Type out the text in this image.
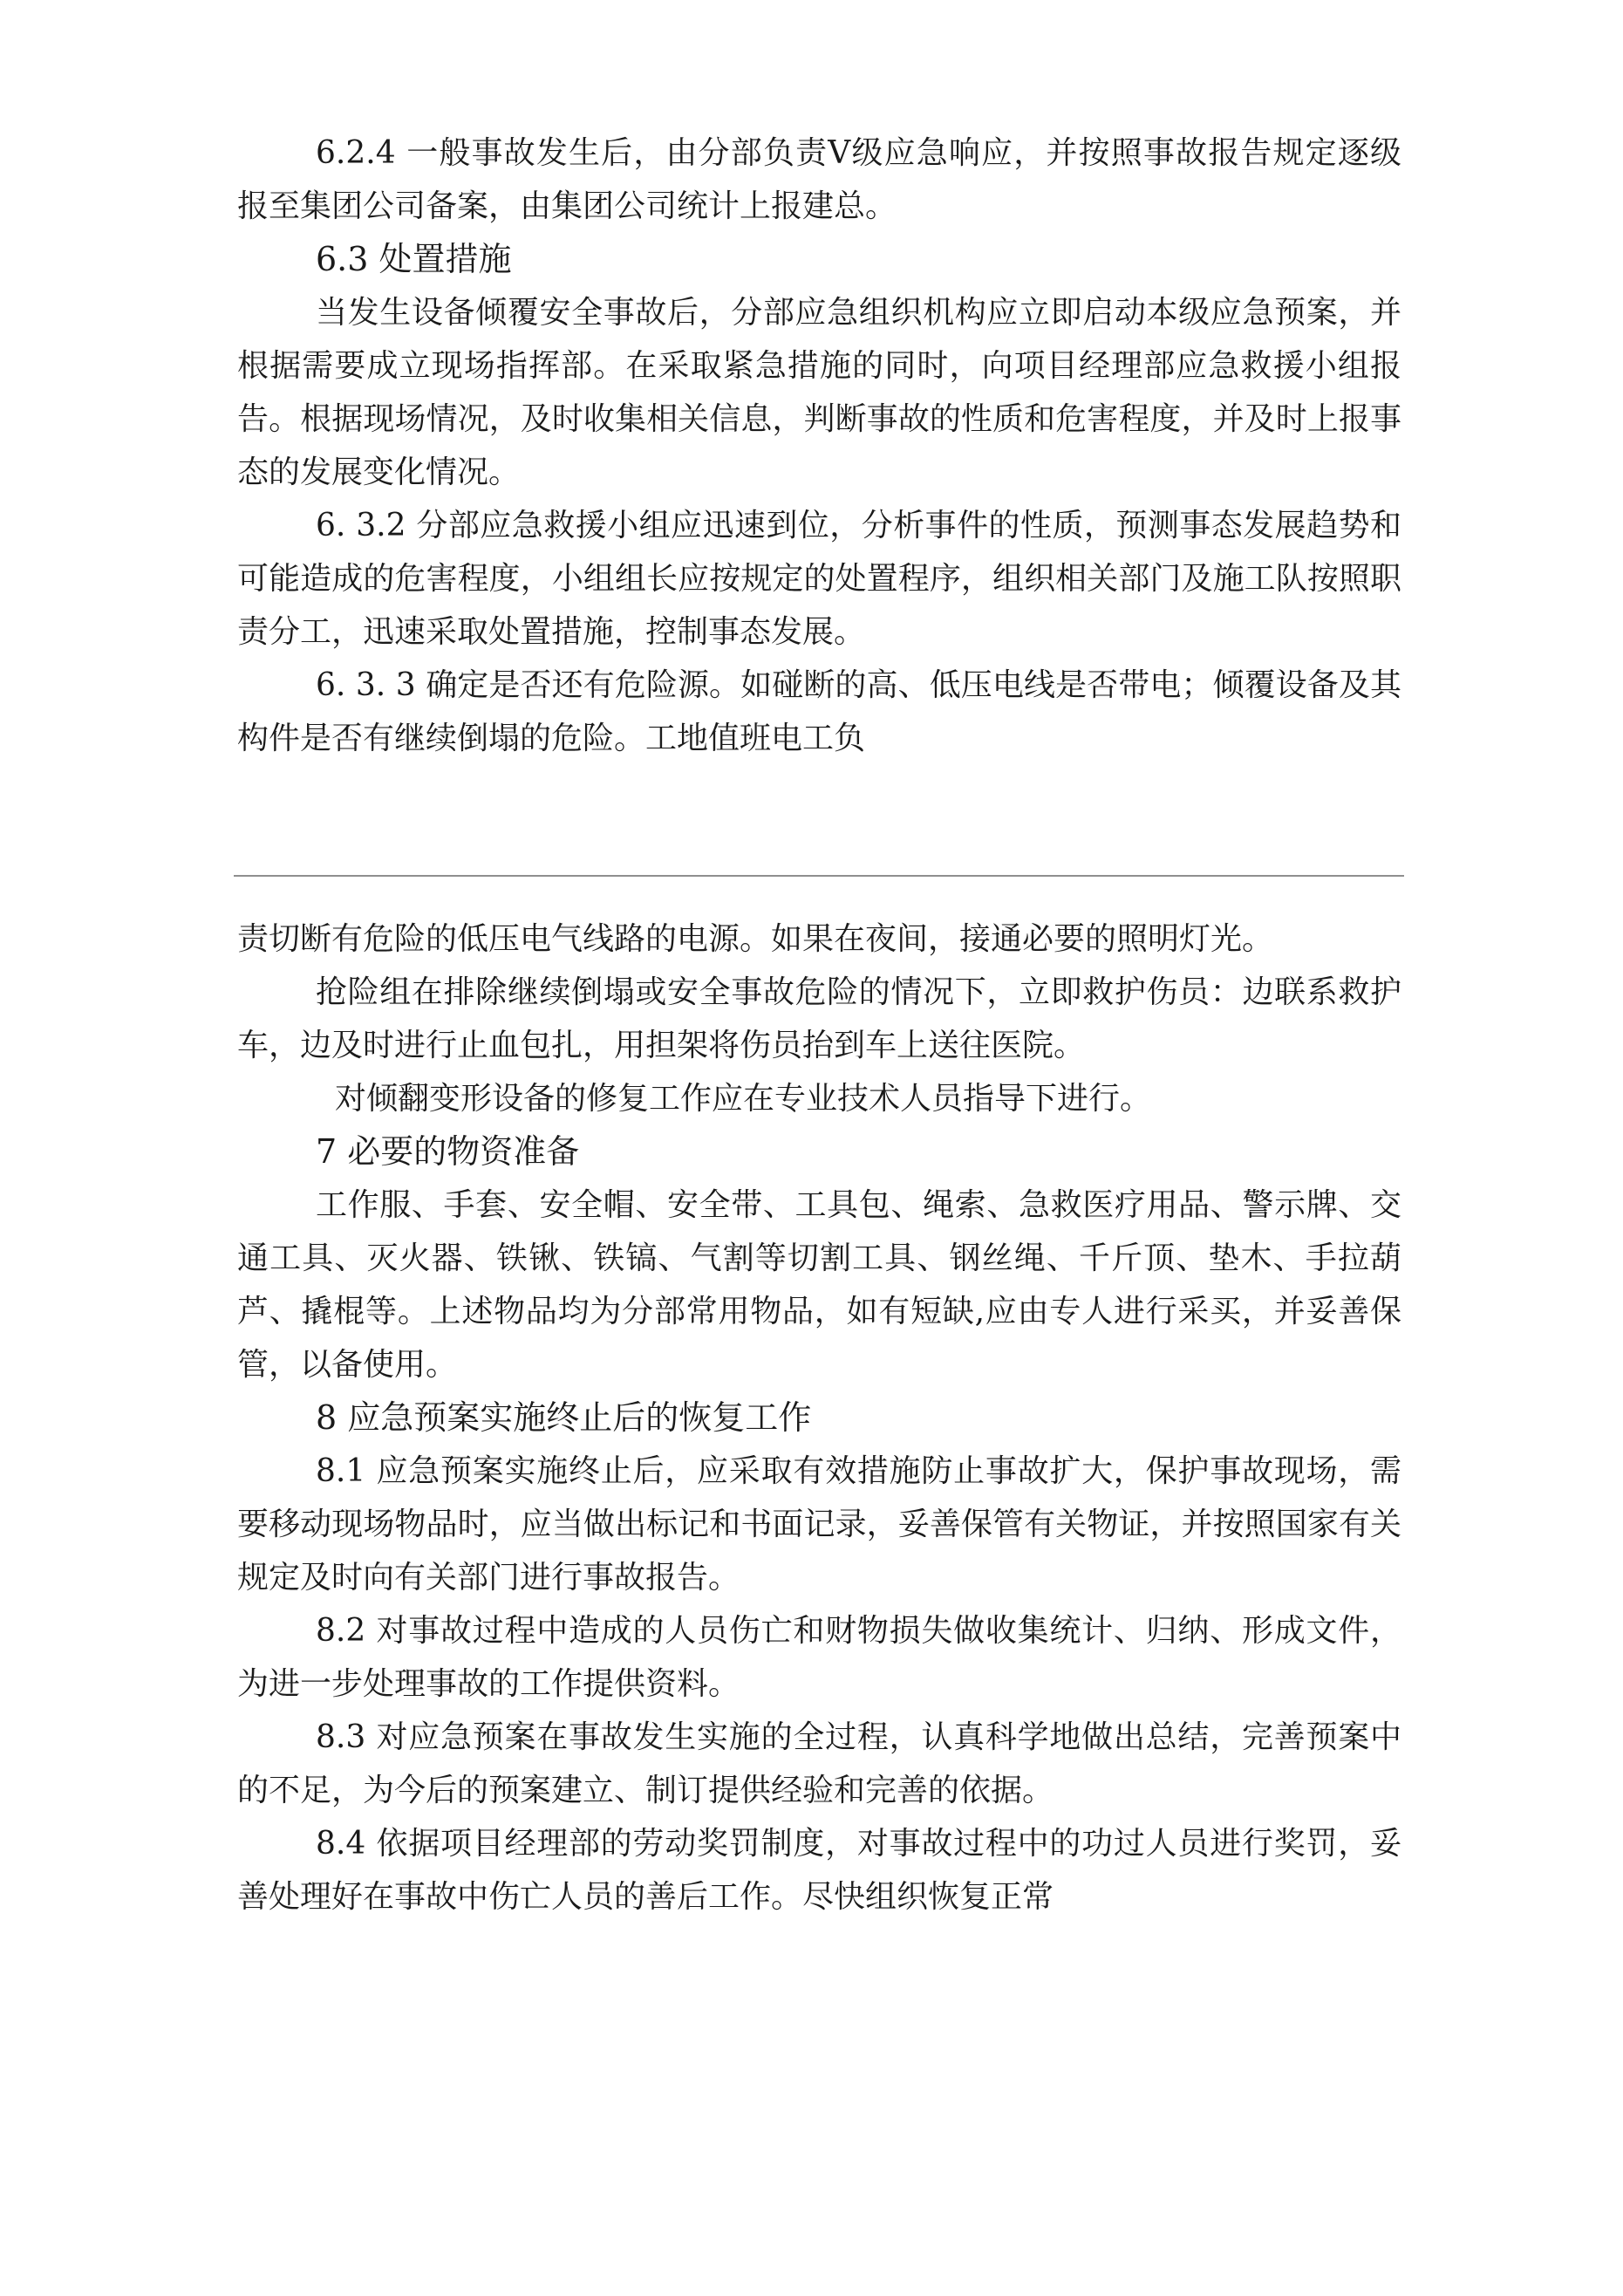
6.2.4 一般事故发生后，由分部负责Ⅴ级应急响应，并按照事故报告规定逐级报至集团公司备案，由集团公司统计上报建总。

6.3 处置措施

当发生设备倾覆安全事故后，分部应急组织机构应立即启动本级应急预案，并根据需要成立现场指挥部。在采取紧急措施的同时，向项目经理部应急救援小组报告。根据现场情况，及时收集相关信息，判断事故的性质和危害程度，并及时上报事态的发展变化情况。

6. 3.2 分部应急救援小组应迅速到位，分析事件的性质，预测事态发展趋势和可能造成的危害程度，小组组长应按规定的处置程序，组织相关部门及施工队按照职责分工，迅速采取处置措施，控制事态发展。

6. 3. 3 确定是否还有危险源。如碰断的高、低压电线是否带电；倾覆设备及其构件是否有继续倒塌的危险。工地值班电工负

责切断有危险的低压电气线路的电源。如果在夜间，接通必要的照明灯光。

抢险组在排除继续倒塌或安全事故危险的情况下，立即救护伤员：边联系救护车，边及时进行止血包扎，用担架将伤员抬到车上送往医院。

对倾翻变形设备的修复工作应在专业技术人员指导下进行。

7 必要的物资准备

工作服、手套、安全帽、安全带、工具包、绳索、急救医疗用品、警示牌、交通工具、灭火器、铁锹、铁镐、气割等切割工具、钢丝绳、千斤顶、垫木、手拉葫芦、撬棍等。上述物品均为分部常用物品，如有短缺,应由专人进行采买，并妥善保管，以备使用。

8 应急预案实施终止后的恢复工作

8.1 应急预案实施终止后，应采取有效措施防止事故扩大，保护事故现场，需要移动现场物品时，应当做出标记和书面记录，妥善保管有关物证，并按照国家有关规定及时向有关部门进行事故报告。

8.2 对事故过程中造成的人员伤亡和财物损失做收集统计、归纳、形成文件，为进一步处理事故的工作提供资料。

8.3 对应急预案在事故发生实施的全过程，认真科学地做出总结，完善预案中的不足，为今后的预案建立、制订提供经验和完善的依据。

8.4 依据项目经理部的劳动奖罚制度，对事故过程中的功过人员进行奖罚，妥善处理好在事故中伤亡人员的善后工作。尽快组织恢复正常
